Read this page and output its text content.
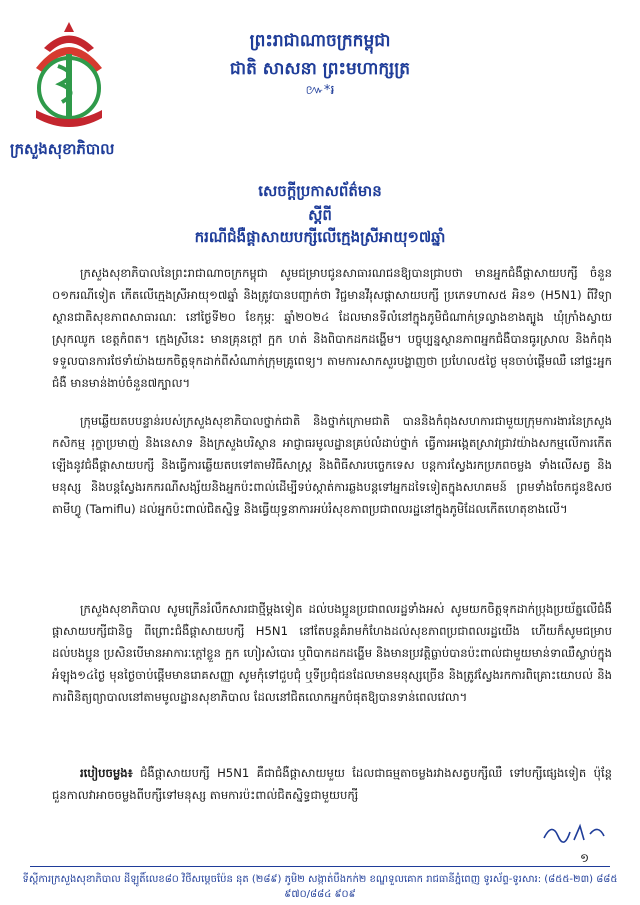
ព្រះរាជាណាចក្រកម្ពុជា
ជាតិ សាសនា ព្រះមហាក្សត្រ
៚*៛
ក្រសួងសុខាភិបាល
សេចក្តីប្រកាសព័ត៌មាន
ស្តីពី
ករណីជំងឺផ្តាសាយបក្សីលើក្មេងស្រីអាយុ១៧ឆ្នាំ

ក្រសួងសុខាភិបាលនៃព្រះរាជាណាចក្រកម្ពុជា សូមជម្រាបជូនសាធារណជនឱ្យបានជ្រាបថា មានអ្នកជំងឺផ្តាសាយបក្សី ចំនួន ០១ករណីទៀត កើតលើក្មេងស្រីអាយុ១៧ឆ្នាំ និងត្រូវបានបញ្ជាក់ថា វិជ្ជមានវីរុសផ្តាសាយបក្សី ប្រភេទហាស៥ អិន១ (H5N1) ពីវិទ្យាស្ថានជាតិសុខភាពសាធារណៈ នៅថ្ងៃទី២០ ខែកុម្ភៈ ឆ្នាំ២០២៤ ដែលមានទីលំនៅក្នុងភូមិជំណាក់ទ្រល្វាងខាងត្បូង ឃុំក្រាំងស្វាយ ស្រុកឈូក ខេត្តកំពត។ ក្មេងស្រីនេះ មានគ្រុនក្តៅ ក្អក ហត់ និងពិបាកដកដង្ហើម។ បច្ចុប្បន្នស្ថានភាពអ្នកជំងឺបានធូរស្រាល និងកំពុងទទួលបានការថែទាំយ៉ាងយកចិត្តទុកដាក់ពីសំណាក់ក្រុមគ្រូពេទ្យ។ តាមការសាកសួរបង្ហាញថា ប្រហែល៥ថ្ងៃ មុនចាប់ផ្តើមឈឺ នៅផ្ទះអ្នកជំងឺ មានមាន់ងាប់ចំនួន៧ក្បាល។

ក្រុមឆ្លើយតបបន្ទាន់របស់ក្រសួងសុខាភិបាលថ្នាក់ជាតិ និងថ្នាក់ក្រោមជាតិ បាននិងកំពុងសហការជាមួយក្រុមការងារនៃក្រសួងកសិកម្ម រុក្ខាប្រមាញ់ និងនេសាទ និងក្រសួងបរិស្ថាន អាជ្ញាធរមូលដ្ឋានគ្រប់លំដាប់ថ្នាក់ ធ្វើការអង្កេតស្រាវជ្រាវយ៉ាងសកម្មលើការកើតឡើងនូវជំងឺផ្តាសាយបក្សី និងធ្វើការឆ្លើយតបទៅតាមវិធីសាស្ត្រ និងពិធីសារបច្ចេកទេស បន្តការស្វែងរកប្រភពចម្លង ទាំងលើសត្វ និងមនុស្ស និងបន្តស្វែងរកករណីសង្ស័យនិងអ្នកប៉ះពាល់ដើម្បីទប់ស្កាត់ការឆ្លងបន្តទៅអ្នកដទៃទៀតក្នុងសហគមន៍ ព្រមទាំងចែកជូនឱសថតាមីហ្វូ (Tamiflu) ដល់អ្នកប៉ះពាល់ជិតស្និទ្ធ និងធ្វើយុទ្ធនាការអប់រំសុខភាពប្រជាពលរដ្ឋនៅក្នុងភូមិដែលកើតហេតុខាងលើ។

ក្រសួងសុខាភិបាល សូមក្រើនរំលឹកសារជាថ្មីម្តងទៀត ដល់បងប្អូនប្រជាពលរដ្ឋទាំងអស់ សូមយកចិត្តទុកដាក់ប្រុងប្រយ័ត្នលើជំងឺផ្តាសាយបក្សីជានិច្ច ពីព្រោះជំងឺផ្តាសាយបក្សី H5N1 នៅតែបន្តគំរាមកំហែងដល់សុខភាពប្រជាពលរដ្ឋយើង ហើយក៏សូមជម្រាបដល់បងប្អូន ប្រសិនបើមានអាការៈក្តៅខ្លួន ក្អក ហៀរសំបោរ ឬពិបាកដកដង្ហើម និងមានប្រវត្តិធ្លាប់បានប៉ះពាល់ជាមួយមាន់ទាឈឺស្លាប់ក្នុងអំឡុង១៤ថ្ងៃ មុនថ្ងៃចាប់ផ្តើមមានរោគសញ្ញា សូមកុំទៅជួបជុំ ឬទីប្រជុំជនដែលមានមនុស្សច្រើន និងត្រូវស្វែងរកការពិគ្រោះយោបល់ និងការពិនិត្យព្យាបាលនៅតាមមូលដ្ឋានសុខាភិបាល ដែលនៅជិតលោកអ្នកបំផុតឱ្យបានទាន់ពេលវេលា។

របៀបចម្លង៖ ជំងឺផ្តាសាយបក្សី H5N1 គឺជាជំងឺផ្តាសាយមួយ ដែលជាធម្មតាចម្លងរវាងសត្វបក្សីឈឺ ទៅបក្សីផ្សេងទៀត ប៉ុន្តែជួនកាលវាអាចចម្លងពីបក្សីទៅមនុស្ស តាមការប៉ះពាល់ជិតស្និទ្ធជាមួយបក្សី

១
ទីស្តីការក្រសួងសុខាភិបាល ដីឡូតិ៍លេខ៨០ វិថីសម្តេចប៉ែន នុត (២៨៩) ភូមិ២ សង្កាត់បឹងកក់២ ខណ្ឌទួលគោក រាជធានីភ្នំពេញ ទូរស័ព្ទ-ទូរសារ: (៨៥៥-២៣) ៨៨៥ ៩៧០/៨៨៤ ៩០៩
